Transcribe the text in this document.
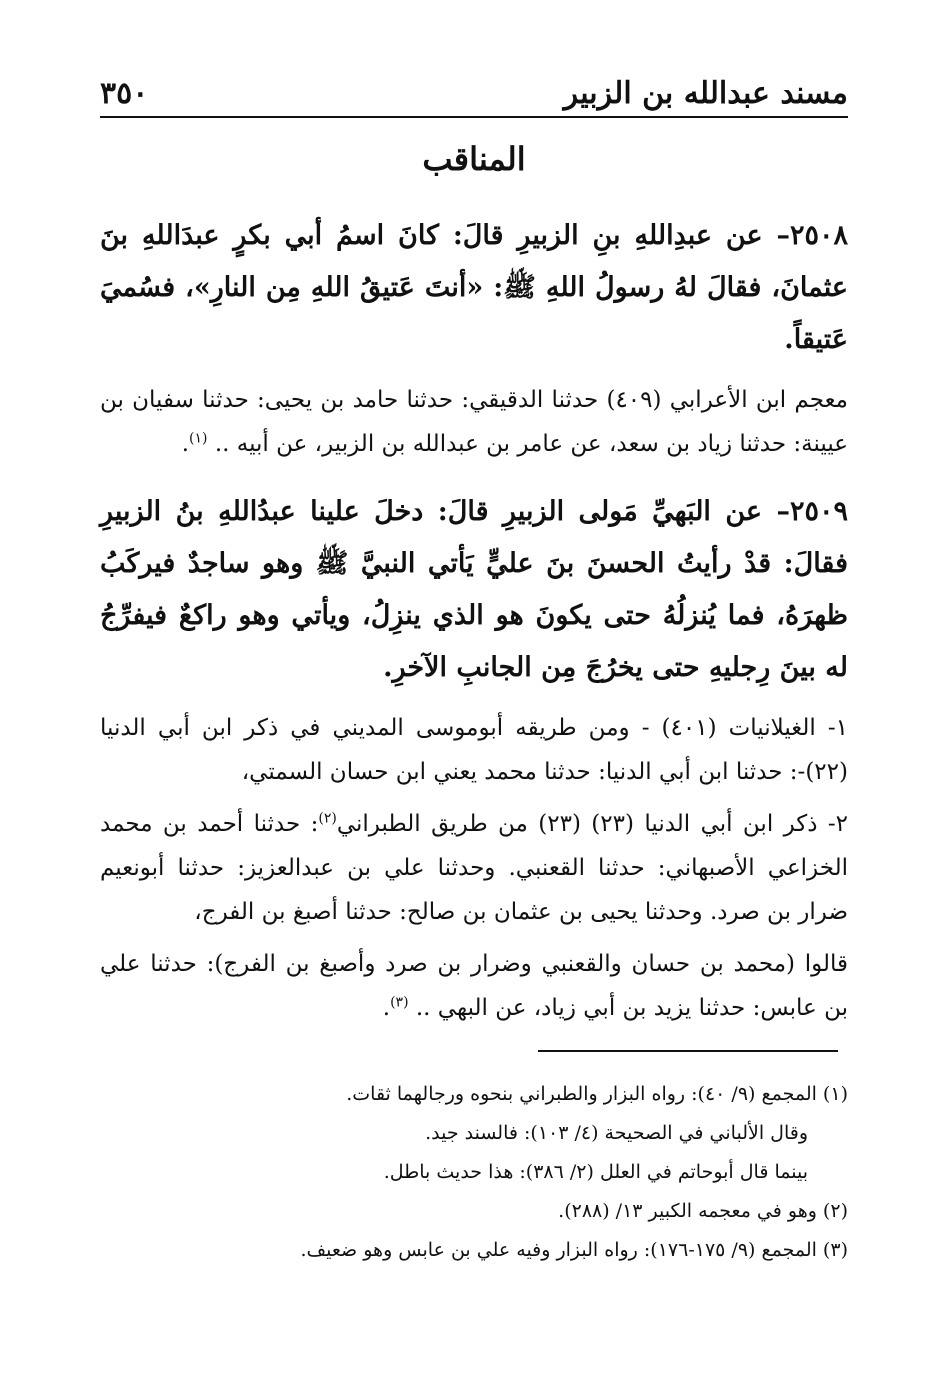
مسند عبدالله بن الزبير
٣٥٠
المناقب

٢٥٠٨– عن عبدِاللهِ بنِ الزبيرِ قالَ: كانَ اسمُ أبي بكرٍ عبدَاللهِ بنَ عثمانَ، فقالَ لهُ رسولُ اللهِ ﷺ: «أنتَ عَتيقُ اللهِ مِن النارِ»، فسُميَ عَتيقاً.

معجم ابن الأعرابي (٤٠٩) حدثنا الدقيقي: حدثنا حامد بن يحيى: حدثنا سفيان بن عيينة: حدثنا زياد بن سعد، عن عامر بن عبدالله بن الزبير، عن أبيه .. $^{(١)}$.

٢٥٠٩– عن البَهيِّ مَولى الزبيرِ قالَ: دخلَ علينا عبدُاللهِ بنُ الزبيرِ فقالَ: قدْ رأيتُ الحسنَ بنَ عليٍّ يَأتي النبيَّ ﷺ وهو ساجدٌ فيركَبُ ظهرَهُ، فما يُنزلُهُ حتى يكونَ هو الذي ينزِلُ، ويأتي وهو راكعٌ فيفرِّجُ له بينَ رِجليهِ حتى يخرُجَ مِن الجانبِ الآخرِ.

١- الغيلانيات (٤٠١) - ومن طريقه أبوموسى المديني في ذكر ابن أبي الدنيا (٢٢)-: حدثنا ابن أبي الدنيا: حدثنا محمد يعني ابن حسان السمتي،

٢- ذكر ابن أبي الدنيا (٢٣) (٢٣) من طريق الطبراني$^{(٢)}$: حدثنا أحمد بن محمد الخزاعي الأصبهاني: حدثنا القعنبي. وحدثنا علي بن عبدالعزيز: حدثنا أبونعيم ضرار بن صرد. وحدثنا يحيى بن عثمان بن صالح: حدثنا أصبغ بن الفرج،

قالوا (محمد بن حسان والقعنبي وضرار بن صرد وأصبغ بن الفرج): حدثنا علي بن عابس: حدثنا يزيد بن أبي زياد، عن البهي .. $^{(٣)}$.

(١) المجمع (٩/ ٤٠): رواه البزار والطبراني بنحوه ورجالهما ثقات.

وقال الألباني في الصحيحة (٤/ ١٠٣): فالسند جيد.

بينما قال أبوحاتم في العلل (٢/ ٣٨٦): هذا حديث باطل.

(٢) وهو في معجمه الكبير ١٣/ (٢٨٨).

(٣) المجمع (٩/ ١٧٥-١٧٦): رواه البزار وفيه علي بن عابس وهو ضعيف.
